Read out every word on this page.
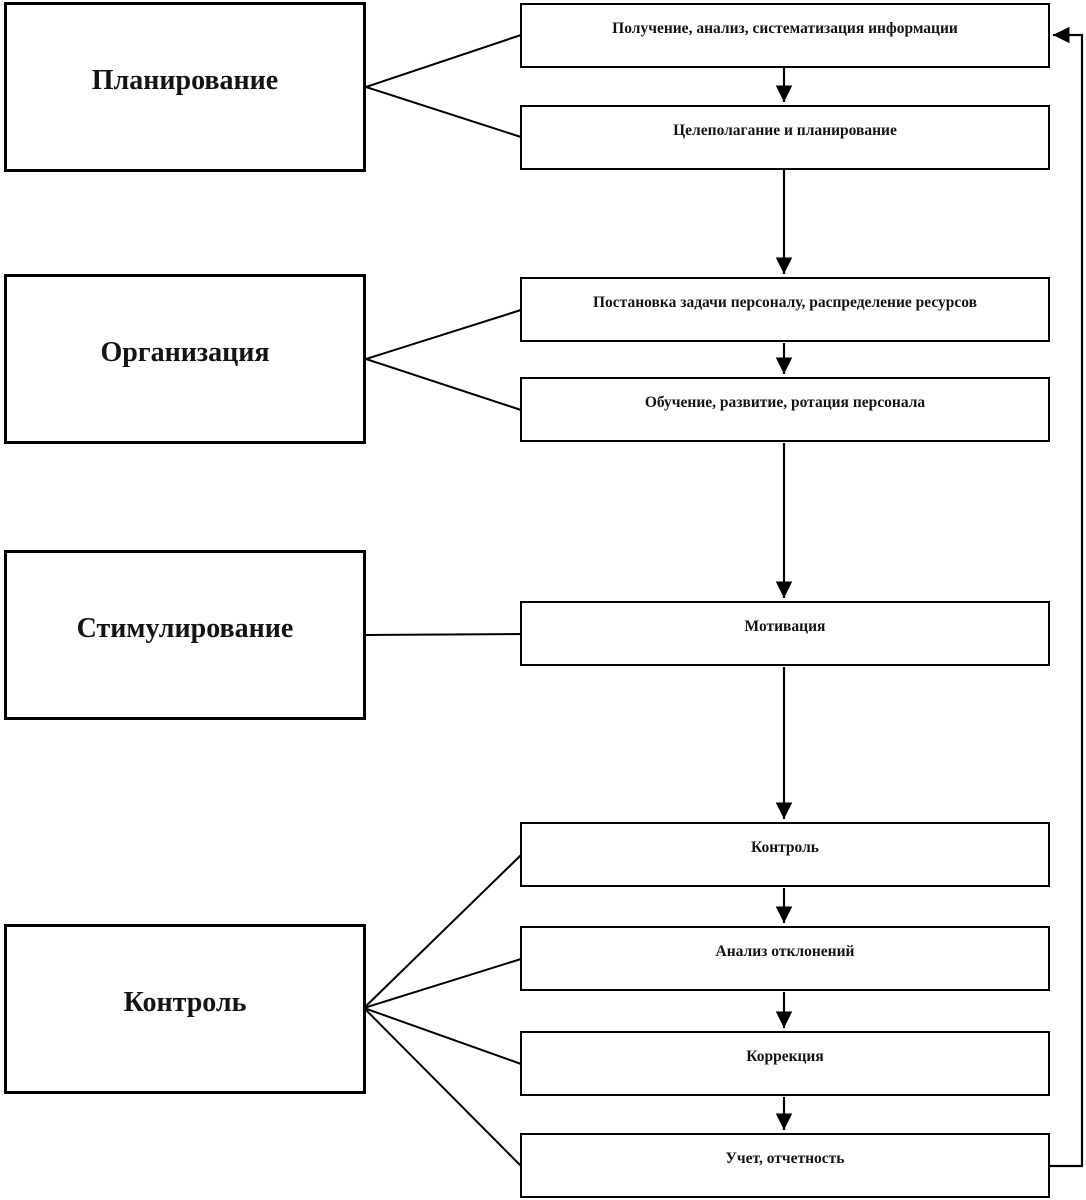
Планирование
Организация
Стимулирование
Контроль
Получение, анализ, систематизация информации
Целеполагание и планирование
Постановка задачи персоналу, распределение ресурсов
Обучение, развитие, ротация персонала
Мотивация
Контроль
Анализ отклонений
Коррекция
Учет, отчетность
